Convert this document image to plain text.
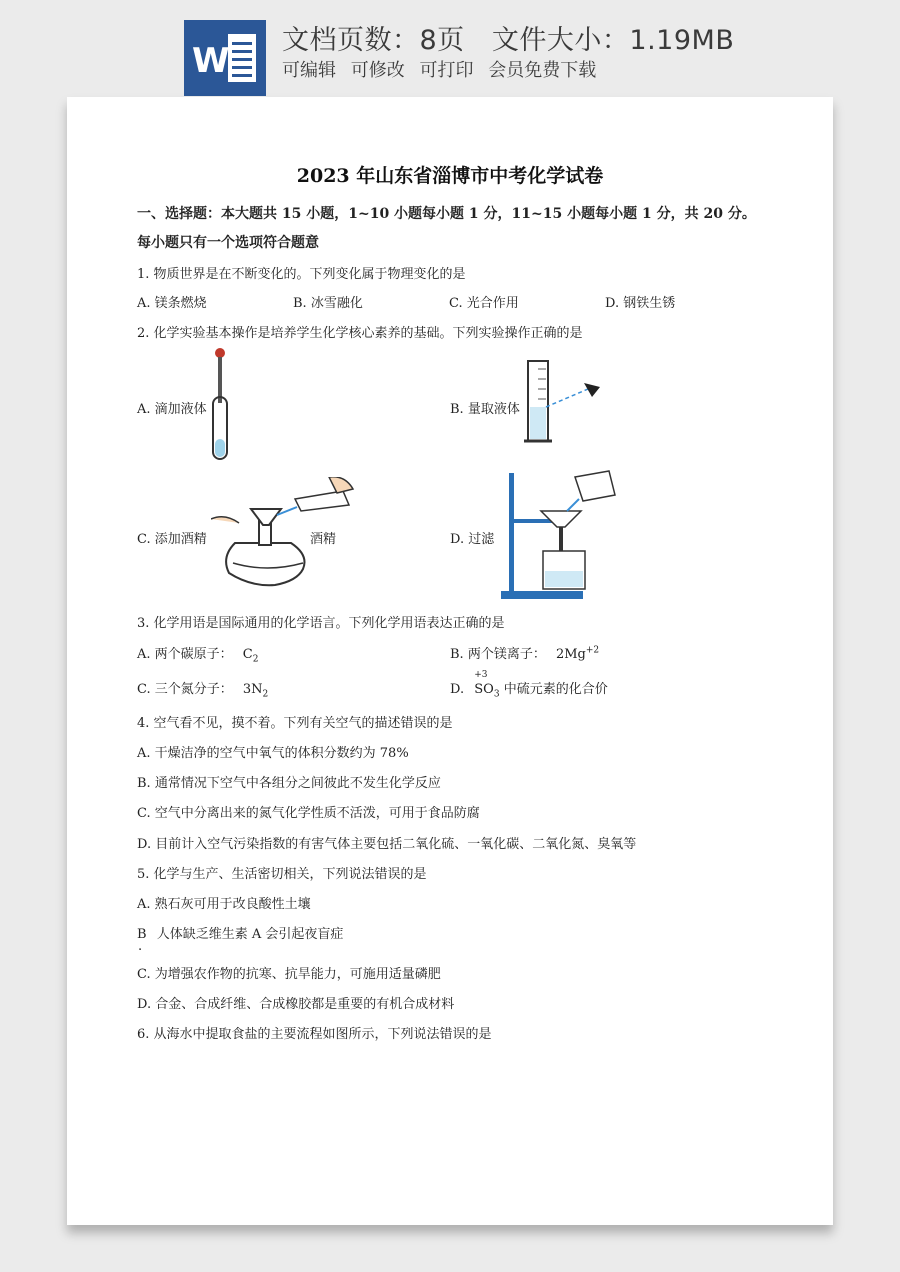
W
文档页数：8页   文件大小：1.19MB
可编辑 可修改 可打印 会员免费下载
2023 年山东省淄博市中考化学试卷
一、选择题：本大题共 15 小题，1~10 小题每小题 1 分，11~15 小题每小题 1 分，共 20 分。
每小题只有一个选项符合题意
1. 物质世界是在不断变化的。下列变化属于物理变化的是
A. 镁条燃烧	B. 冰雪融化	C. 光合作用	D. 钢铁生锈
2. 化学实验基本操作是培养学生化学核心素养的基础。下列实验操作正确的是
A. 滴加液体	B. 量取液体
C. 添加酒精	酒精	D. 过滤
3. 化学用语是国际通用的化学语言。下列化学用语表达正确的是
A. 两个碳原子： $C_2$	B. 两个镁离子： $2Mg^{+2}$
C. 三个氮分子： $3N_2$	D.
+3
$SO_3$ 中硫元素的化合价
4. 空气看不见，摸不着。下列有关空气的描述错误的是
A. 干燥洁净的空气中氧气的体积分数约为 78%
B. 通常情况下空气中各组分之间彼此不发生化学反应
C. 空气中分离出来的氮气化学性质不活泼，可用于食品防腐
D. 目前计入空气污染指数的有害气体主要包括二氧化硫、一氧化碳、二氧化氮、臭氧等
5. 化学与生产、生活密切相关，下列说法错误的是
A. 熟石灰可用于改良酸性土壤
B
.
人体缺乏维生素 A 会引起夜盲症
C. 为增强农作物的抗寒、抗旱能力，可施用适量磷肥
D. 合金、合成纤维、合成橡胶都是重要的有机合成材料
6. 从海水中提取食盐的主要流程如图所示，下列说法错误的是
